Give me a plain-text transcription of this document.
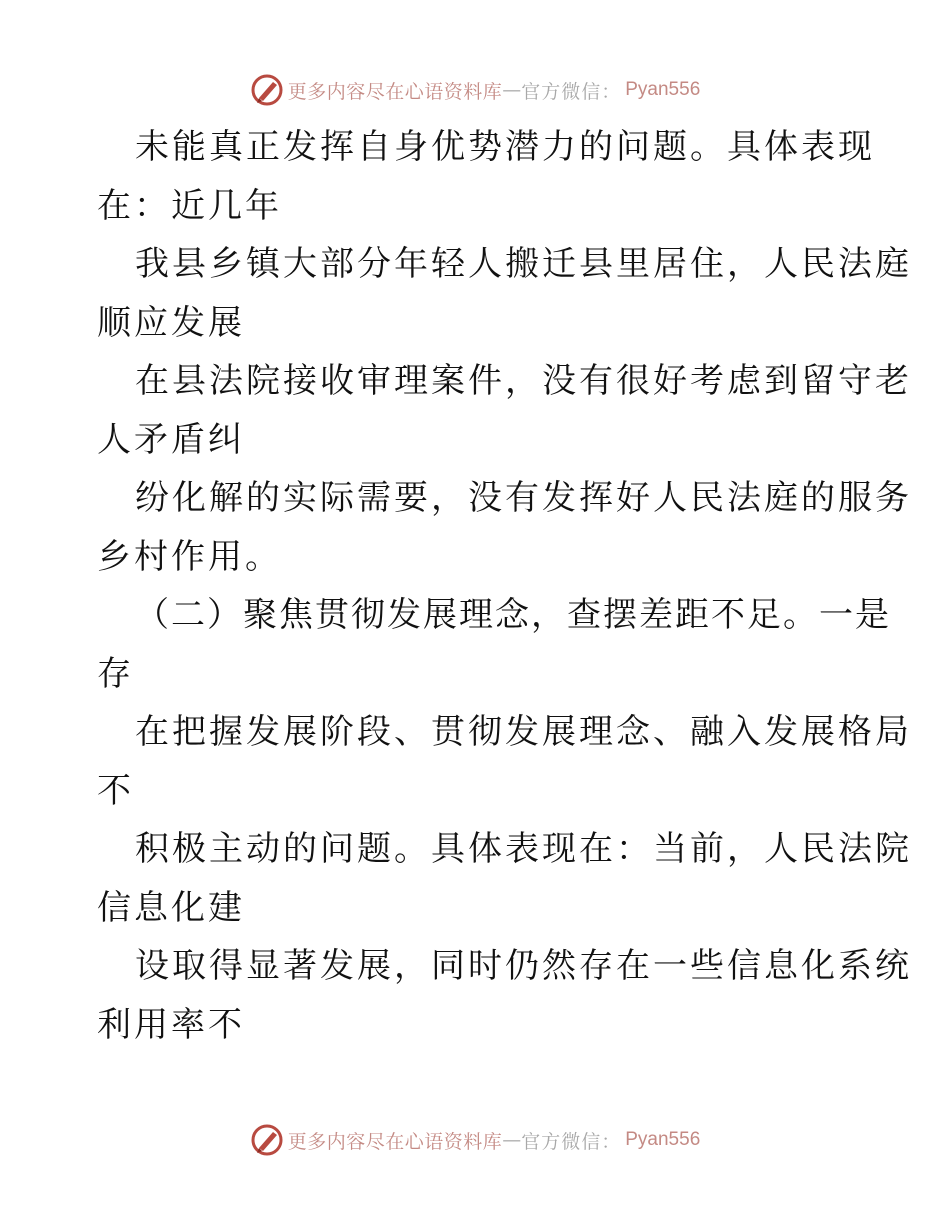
更多内容尽在心语资料库 — 官方微信： Pyan556
未能真正发挥自身优势潜力的问题。具体表现
在：近几年
我县乡镇大部分年轻人搬迁县里居住，人民法庭
顺应发展
在县法院接收审理案件，没有很好考虑到留守老
人矛盾纠
纷化解的实际需要，没有发挥好人民法庭的服务
乡村作用。
（二）聚焦贯彻发展理念，查摆差距不足。一是
存
在把握发展阶段、贯彻发展理念、融入发展格局
不
积极主动的问题。具体表现在：当前，人民法院
信息化建
设取得显著发展，同时仍然存在一些信息化系统
利用率不
更多内容尽在心语资料库 — 官方微信： Pyan556
